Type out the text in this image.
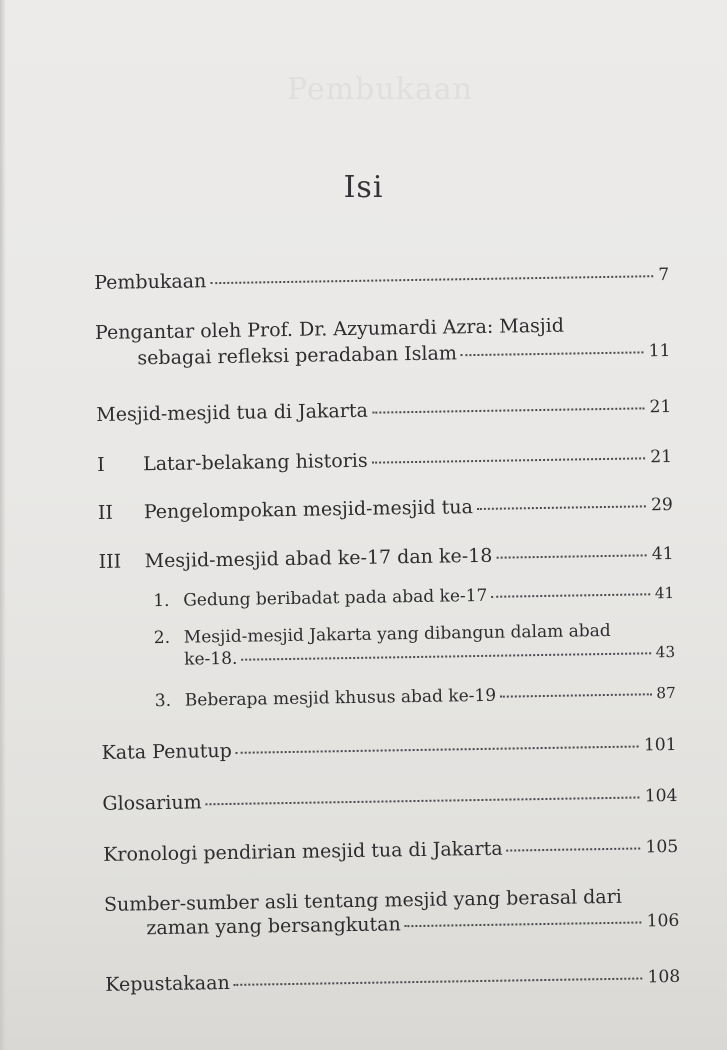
Pembukaan
Isi
Pembukaan	7
Pengantar oleh Prof. Dr. Azyumardi Azra: Masjid
sebagai refleksi peradaban Islam	11
Mesjid-mesjid tua di Jakarta	21
I	Latar-belakang historis	21
II	Pengelompokan mesjid-mesjid tua	29
III	Mesjid-mesjid abad ke-17 dan ke-18	41
1. Gedung beribadat pada abad ke-17	41
2. Mesjid-mesjid Jakarta yang dibangun dalam abad
ke-18.	43
3. Beberapa mesjid khusus abad ke-19	87
Kata Penutup	101
Glosarium	104
Kronologi pendirian mesjid tua di Jakarta	105
Sumber-sumber asli tentang mesjid yang berasal dari
zaman yang bersangkutan	106
Kepustakaan	108
